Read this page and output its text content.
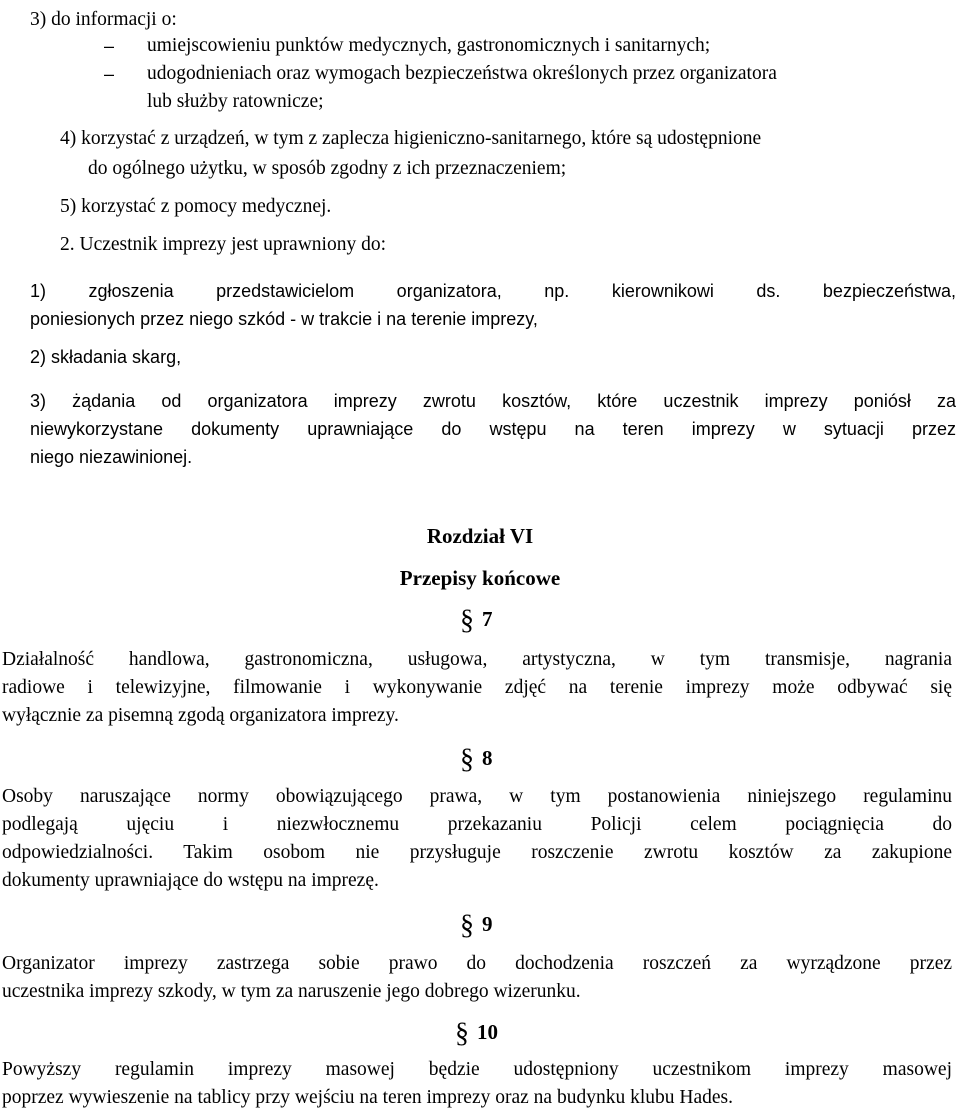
3) do informacji o:
– umiejscowieniu punktów medycznych, gastronomicznych i sanitarnych;
– udogodnieniach oraz wymogach bezpieczeństwa określonych przez organizatora
lub służby ratownicze;
4) korzystać z urządzeń, w tym z zaplecza higieniczno-sanitarnego, które są udostępnione
do ogólnego użytku, w sposób zgodny z ich przeznaczeniem;
5) korzystać z pomocy medycznej.
2. Uczestnik imprezy jest uprawniony do:
1) zgłoszenia przedstawicielom organizatora, np. kierownikowi ds. bezpieczeństwa,
poniesionych przez niego szkód - w trakcie i na terenie imprezy,
2) składania skarg,
3) żądania od organizatora imprezy zwrotu kosztów, które uczestnik imprezy poniósł za
niewykorzystane dokumenty uprawniające do wstępu na teren imprezy w sytuacji przez
niego niezawinionej.
Rozdział VI
Przepisy końcowe
§ 7
Działalność handlowa, gastronomiczna, usługowa, artystyczna, w tym transmisje, nagrania
radiowe i telewizyjne, filmowanie i wykonywanie zdjęć na terenie imprezy może odbywać się
wyłącznie za pisemną zgodą organizatora imprezy.
§ 8
Osoby naruszające normy obowiązującego prawa, w tym postanowienia niniejszego regulaminu
podlegają ujęciu i niezwłocznemu przekazaniu Policji celem pociągnięcia do
odpowiedzialności. Takim osobom nie przysługuje roszczenie zwrotu kosztów za zakupione
dokumenty uprawniające do wstępu na imprezę.
§ 9
Organizator imprezy zastrzega sobie prawo do dochodzenia roszczeń za wyrządzone przez
uczestnika imprezy szkody, w tym za naruszenie jego dobrego wizerunku.
§ 10
Powyższy regulamin imprezy masowej będzie udostępniony uczestnikom imprezy masowej
poprzez wywieszenie na tablicy przy wejściu na teren imprezy oraz na budynku klubu Hades.
